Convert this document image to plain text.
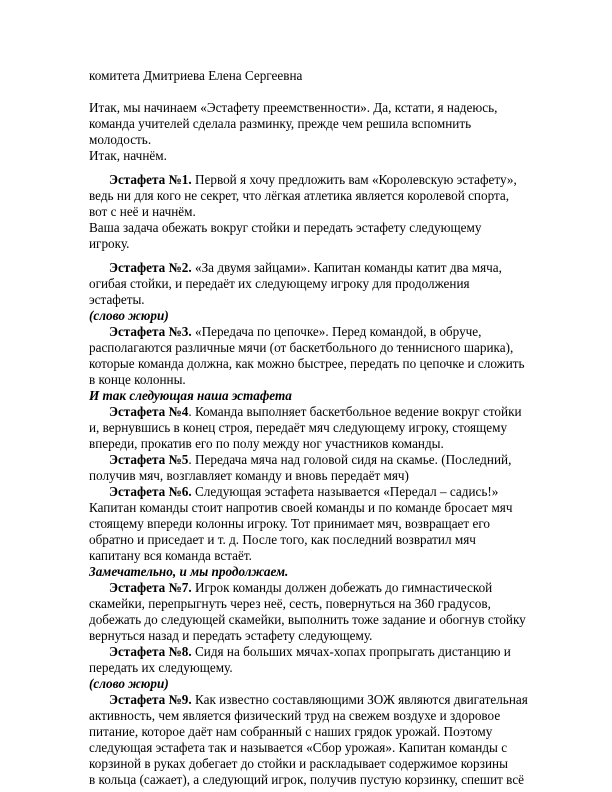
комитета Дмитриева Елена Сергеевна
Итак, мы начинаем «Эстафету преемственности». Да, кстати, я надеюсь,
команда учителей сделала разминку, прежде чем решила вспомнить
молодость.
Итак, начнём.
Эстафета №1. Первой я хочу предложить вам «Королевскую эстафету»,
ведь ни для кого не секрет, что лёгкая атлетика является королевой спорта,
вот с неё и начнём.
Ваша задача обежать вокруг стойки и передать эстафету следующему
игроку.
Эстафета №2. «За двумя зайцами». Капитан команды катит два мяча,
огибая стойки, и передаёт их следующему игроку для продолжения
эстафеты.
(слово жюри)
Эстафета №3. «Передача по цепочке». Перед командой, в обруче,
располагаются различные мячи (от баскетбольного до теннисного шарика),
которые команда должна, как можно быстрее, передать по цепочке и сложить
в конце колонны.
И так следующая наша эстафета
Эстафета №4. Команда выполняет баскетбольное ведение вокруг стойки
и, вернувшись в конец строя, передаёт мяч следующему игроку, стоящему
впереди, прокатив его по полу между ног участников команды.
Эстафета №5. Передача мяча над головой сидя на скамье. (Последний,
получив мяч, возглавляет команду и вновь передаёт мяч)
Эстафета №6. Следующая эстафета называется «Передал – садись!»
Капитан команды стоит напротив своей команды и по команде бросает мяч
стоящему впереди колонны игроку. Тот принимает мяч, возвращает его
обратно и приседает и т. д. После того, как последний возвратил мяч
капитану вся команда встаёт.
Замечательно, и мы продолжаем.
Эстафета №7. Игрок команды должен добежать до гимнастической
скамейки, перепрыгнуть через неё, сесть, повернуться на 360 градусов,
добежать до следующей скамейки, выполнить тоже задание и обогнув стойку
вернуться назад и передать эстафету следующему.
Эстафета №8. Сидя на больших мячах-хопах пропрыгать дистанцию и
передать их следующему.
(слово жюри)
Эстафета №9. Как известно составляющими ЗОЖ являются двигательная
активность, чем является физический труд на свежем воздухе и здоровое
питание, которое даёт нам собранный с наших грядок урожай. Поэтому
следующая эстафета так и называется «Сбор урожая». Капитан команды с
корзиной в руках добегает до стойки и раскладывает содержимое корзины
в кольца (сажает), а следующий игрок, получив пустую корзинку, спешит всё
